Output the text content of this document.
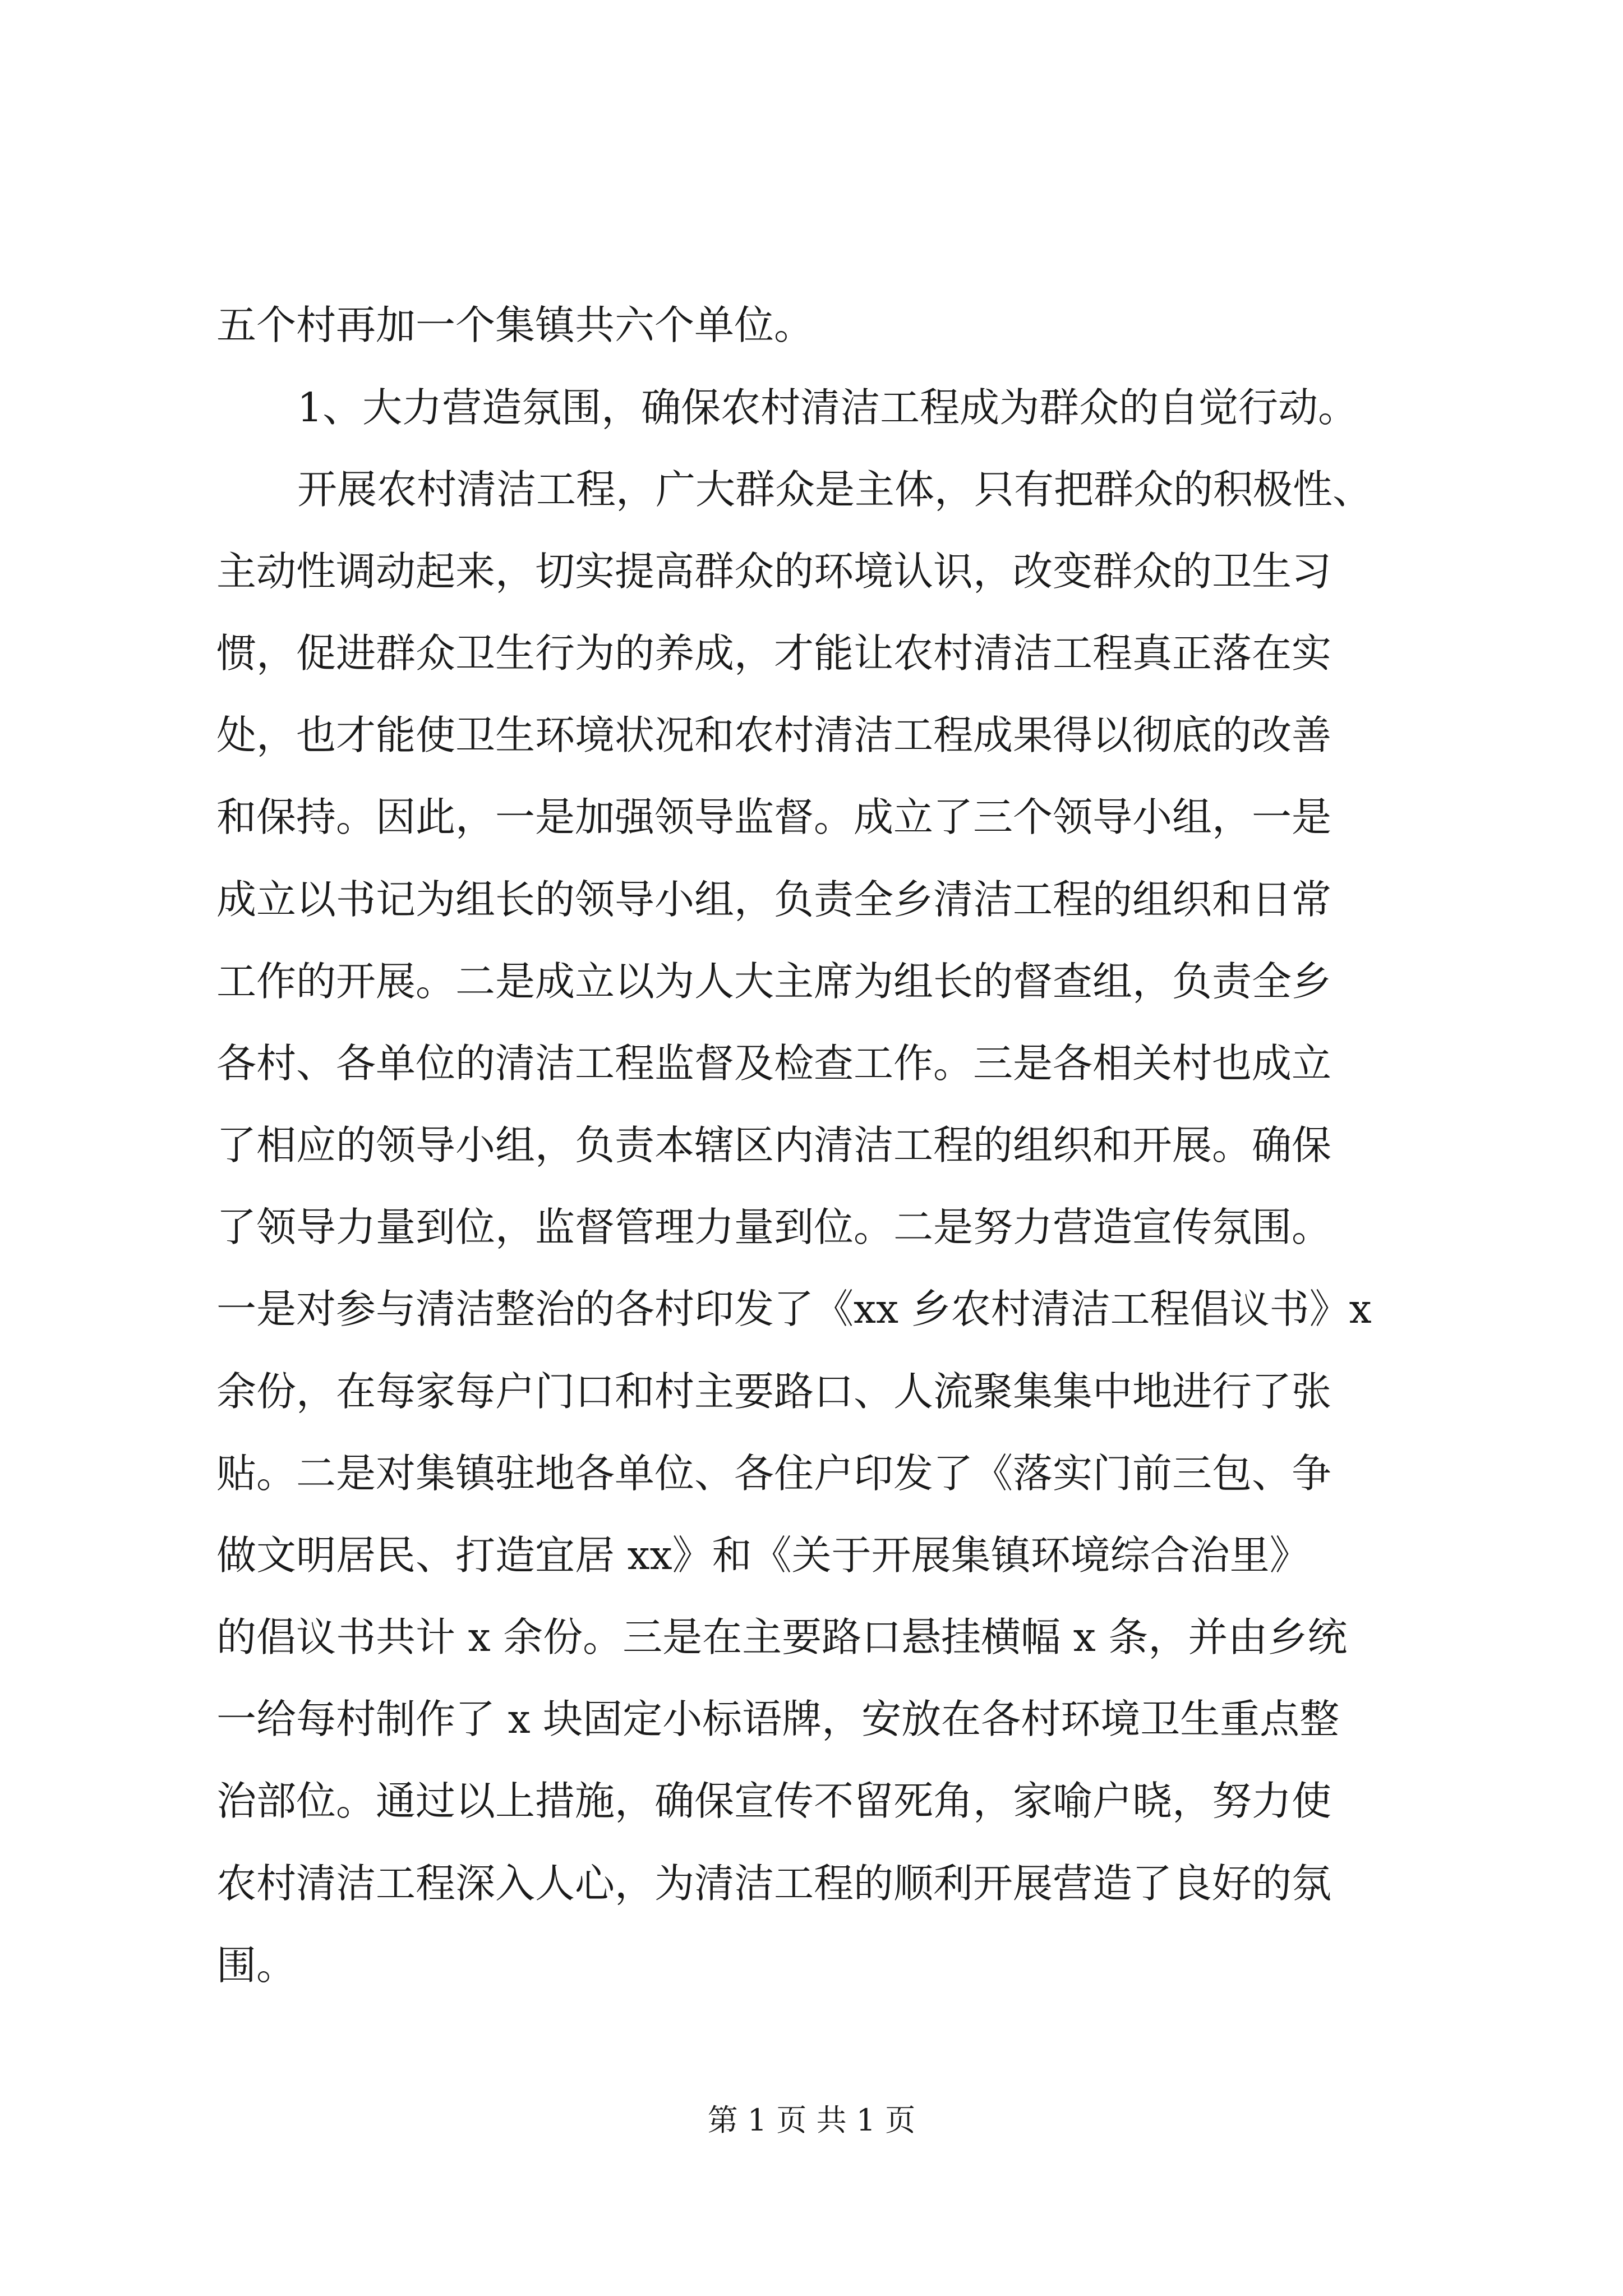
五个村再加一个集镇共六个单位。

1、大力营造氛围，确保农村清洁工程成为群众的自觉行动。

开展农村清洁工程，广大群众是主体，只有把群众的积极性、

主动性调动起来，切实提高群众的环境认识，改变群众的卫生习

惯，促进群众卫生行为的养成，才能让农村清洁工程真正落在实

处，也才能使卫生环境状况和农村清洁工程成果得以彻底的改善

和保持。因此，一是加强领导监督。成立了三个领导小组，一是

成立以书记为组长的领导小组，负责全乡清洁工程的组织和日常

工作的开展。二是成立以为人大主席为组长的督查组，负责全乡

各村、各单位的清洁工程监督及检查工作。三是各相关村也成立

了相应的领导小组，负责本辖区内清洁工程的组织和开展。确保

了领导力量到位，监督管理力量到位。二是努力营造宣传氛围。

一是对参与清洁整治的各村印发了《xx 乡农村清洁工程倡议书》x

余份，在每家每户门口和村主要路口、人流聚集集中地进行了张

贴。二是对集镇驻地各单位、各住户印发了《落实门前三包、争

做文明居民、打造宜居 xx》和《关于开展集镇环境综合治里》

的倡议书共计 x 余份。三是在主要路口悬挂横幅 x 条，并由乡统

一给每村制作了 x 块固定小标语牌，安放在各村环境卫生重点整

治部位。通过以上措施，确保宣传不留死角，家喻户晓，努力使

农村清洁工程深入人心，为清洁工程的顺利开展营造了良好的氛

围。

第 1 页 共 1 页
